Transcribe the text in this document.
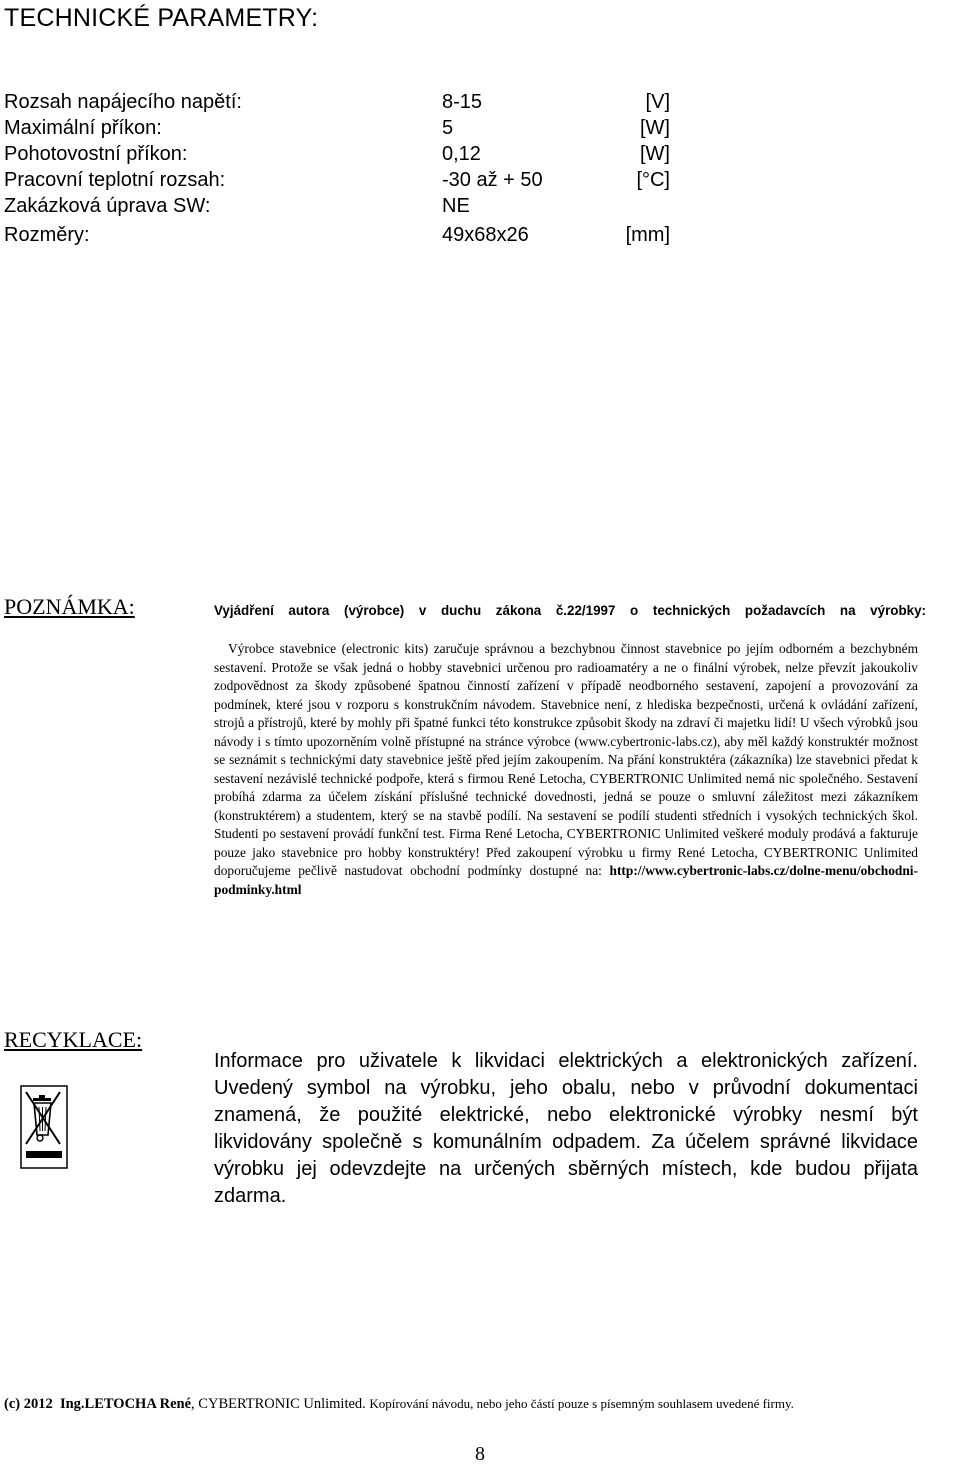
TECHNICKÉ PARAMETRY:
Rozsah napájecího napětí:	8-15	[V]
Maximální příkon:	5	[W]
Pohotovostní příkon:	0,12	[W]
Pracovní teplotní rozsah:	-30 až + 50	[°C]
Zakázková úprava SW:	NE
Rozměry:	49x68x26	[mm]
POZNÁMKA:	Vyjádření autora (výrobce) v duchu zákona č.22/1997 o technických požadavcích na výrobky:
Výrobce stavebnice (electronic kits) zaručuje správnou a bezchybnou činnost stavebnice po jejím odborném a bezchybném sestavení. Protože se však jedná o hobby stavebnici určenou pro radioamatéry a ne o finální výrobek, nelze převzít jakoukoliv zodpovědnost za škody způsobené špatnou činností zařízení v případě neodborného sestavení, zapojení a provozování za podmínek, které jsou v rozporu s konstrukčním návodem. Stavebnice není, z hlediska bezpečnosti, určená k ovládání zařízení, strojů a přístrojů, které by mohly při špatné funkci této konstrukce způsobit škody na zdraví či majetku lidí! U všech výrobků jsou návody i s tímto upozorněním volně přístupné na stránce výrobce (www.cybertronic-labs.cz), aby měl každý konstruktér možnost se seznámit s technickými daty stavebnice ještě před jejím zakoupením. Na přání konstruktéra (zákazníka) lze stavebnici předat k sestavení nezávislé technické podpoře, která s firmou René Letocha, CYBERTRONIC Unlimited nemá nic společného. Sestavení probíhá zdarma za účelem získání příslušné technické dovednosti, jedná se pouze o smluvní záležitost mezi zákazníkem (konstruktérem) a studentem, který se na stavbě podílí. Na sestavení se podílí studenti středních i vysokých technických škol. Studenti po sestavení provádí funkční test. Firma René Letocha, CYBERTRONIC Unlimited veškeré moduly prodává a fakturuje pouze jako stavebnice pro hobby konstruktéry! Před zakoupení výrobku u firmy René Letocha, CYBERTRONIC Unlimited doporučujeme pečlivě nastudovat obchodní podmínky dostupné na: http://www.cybertronic-labs.cz/dolne-menu/obchodni-podminky.html
RECYKLACE:
Informace pro uživatele k likvidaci elektrických a elektronických zařízení. Uvedený symbol na výrobku, jeho obalu, nebo v průvodní dokumentaci znamená, že použité elektrické, nebo elektronické výrobky nesmí být likvidovány společně s komunálním odpadem. Za účelem správné likvidace výrobku jej odevzdejte na určených sběrných místech, kde budou přijata zdarma.
(c) 2012 Ing.LETOCHA René, CYBERTRONIC Unlimited. Kopírování návodu, nebo jeho částí pouze s písemným souhlasem uvedené firmy.
8
